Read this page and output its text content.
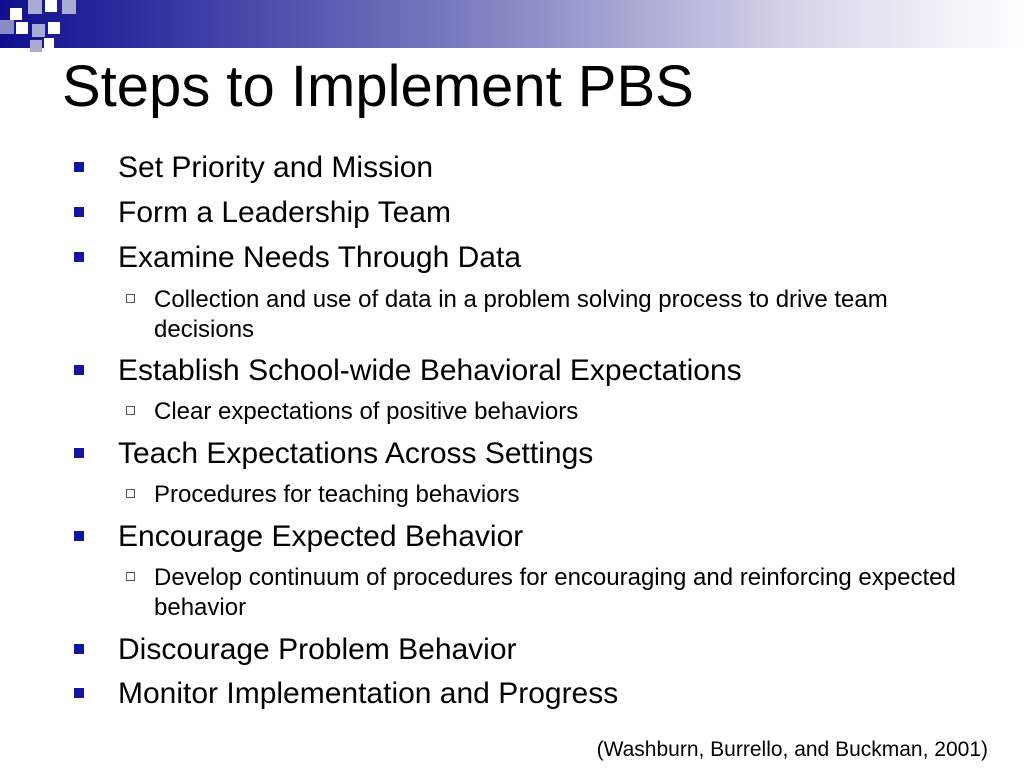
Steps to Implement PBS
Set Priority and Mission
Form a Leadership Team
Examine Needs Through Data
Collection and use of data in a problem solving process to drive team decisions
Establish School-wide Behavioral Expectations
Clear expectations of positive behaviors
Teach Expectations Across Settings
Procedures for teaching behaviors
Encourage Expected Behavior
Develop continuum of procedures for encouraging and reinforcing expected behavior
Discourage Problem Behavior
Monitor Implementation and Progress
(Washburn, Burrello, and Buckman, 2001)
